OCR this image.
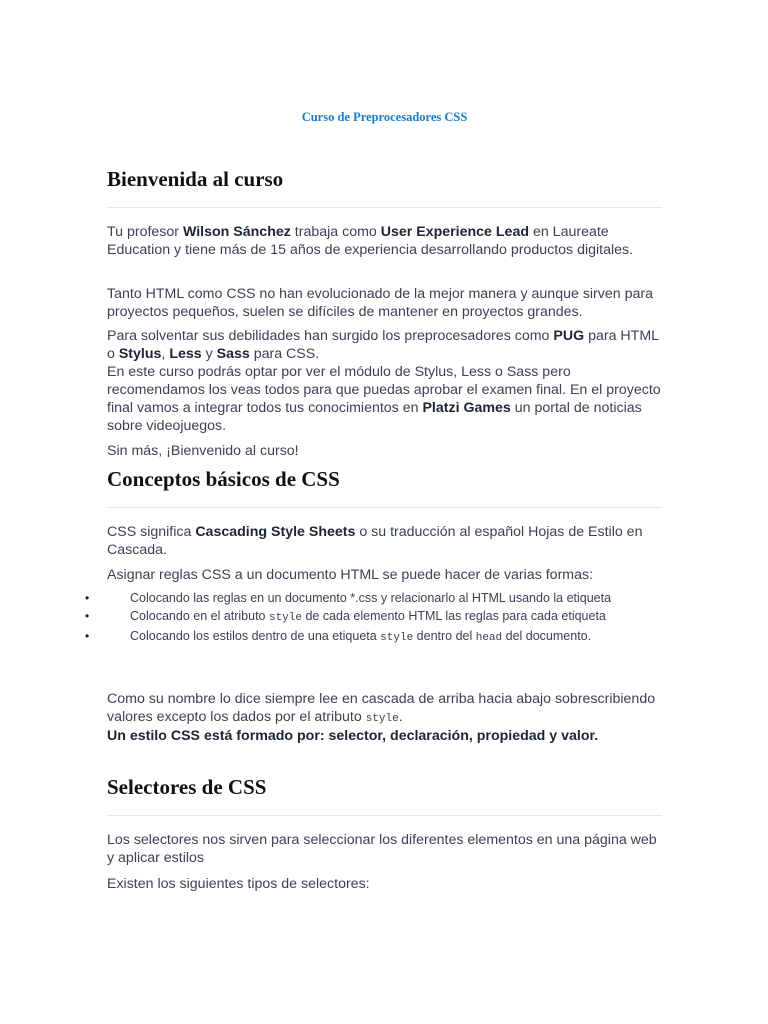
Curso de Preprocesadores CSS
Bienvenida al curso

Tu profesor Wilson Sánchez trabaja como User Experience Lead en Laureate Education y tiene más de 15 años de experiencia desarrollando productos digitales.

Tanto HTML como CSS no han evolucionado de la mejor manera y aunque sirven para proyectos pequeños, suelen se difíciles de mantener en proyectos grandes.

Para solventar sus debilidades han surgido los preprocesadores como PUG para HTML o Stylus, Less y Sass para CSS.
En este curso podrás optar por ver el módulo de Stylus, Less o Sass pero recomendamos los veas todos para que puedas aprobar el examen final. En el proyecto final vamos a integrar todos tus conocimientos en Platzi Games un portal de noticias sobre videojuegos.

Sin más, ¡Bienvenido al curso!

Conceptos básicos de CSS

CSS significa Cascading Style Sheets o su traducción al español Hojas de Estilo en Cascada.

Asignar reglas CSS a un documento HTML se puede hacer de varias formas:

•	Colocando las reglas en un documento *.css y relacionarlo al HTML usando la etiqueta
•	Colocando en el atributo style de cada elemento HTML las reglas para cada etiqueta
•	Colocando los estilos dentro de una etiqueta style dentro del head del documento.

Como su nombre lo dice siempre lee en cascada de arriba hacia abajo sobrescribiendo valores excepto los dados por el atributo style.

Un estilo CSS está formado por: selector, declaración, propiedad y valor.

Selectores de CSS

Los selectores nos sirven para seleccionar los diferentes elementos en una página web y aplicar estilos

Existen los siguientes tipos de selectores:
